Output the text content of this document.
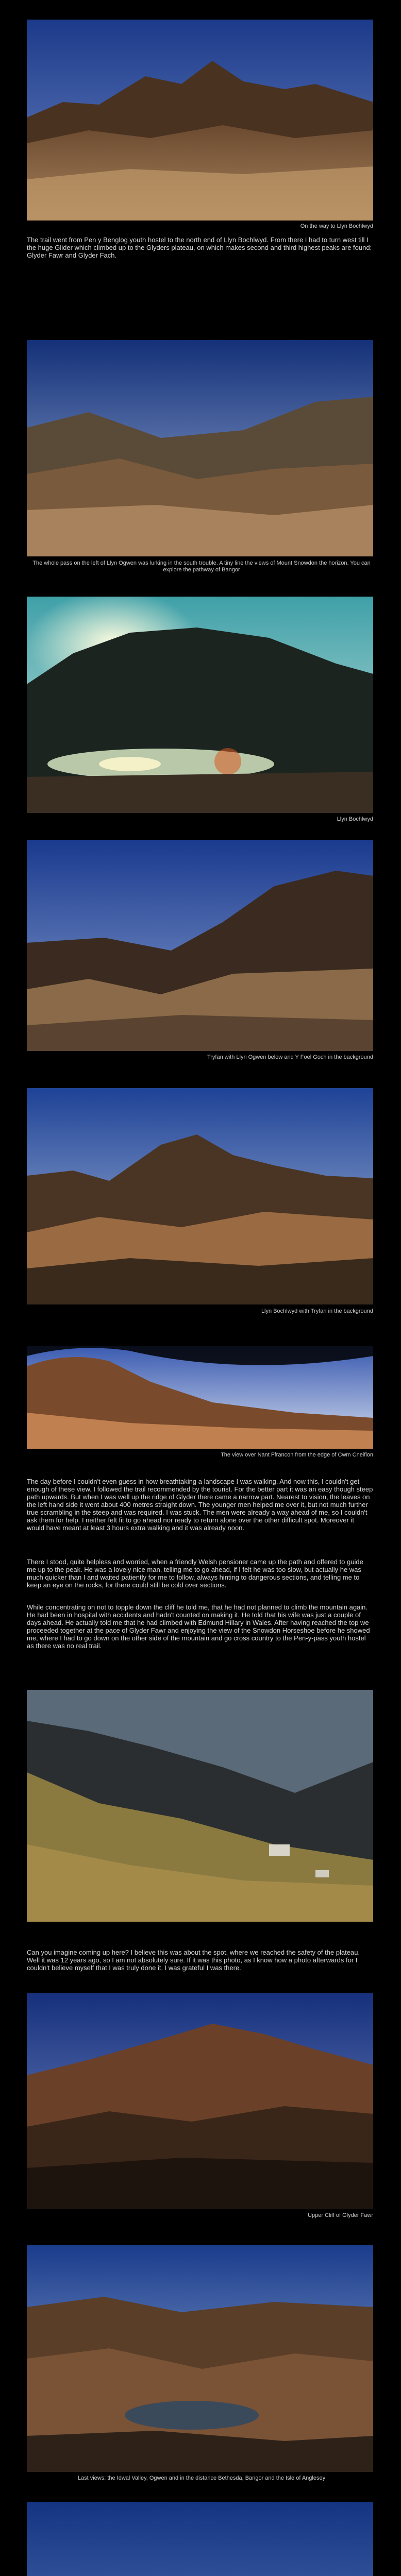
On the way to Llyn Bochlwyd
The trail went from Pen y Benglog youth hostel to the north end of Llyn Bochlwyd. From there I had to turn west till I the huge Glider which climbed up to the Glyders plateau, on which makes second and third highest peaks are found: Glyder Fawr and Glyder Fach.
The whole pass on the left of Llyn Ogwen was lurking in the south trouble. A tiny line the views of Mount Snowdon the horizon. You can explore the pathway of Bangor
Llyn Bochlwyd
Tryfan with Llyn Ogwen below and Y Foel Goch in the background
Llyn Bochlwyd with Tryfan in the background
The view over Nant Ffrancon from the edge of Cwm Cneifion
The day before I couldn't even guess in how breathtaking a landscape I was walking. And now this, I couldn't get enough of these view. I followed the trail recommended by the tourist. For the better part it was an easy though steep path upwards. But when I was well up the ridge of Glyder there came a narrow part. Nearest to vision, the leaves on the left hand side it went about 400 metres straight down. The younger men helped me over it, but not much further true scrambling in the steep and was required. I was stuck. The men were already a way ahead of me, so I couldn't ask them for help. I neither felt fit to go ahead nor ready to return alone over the other difficult spot. Moreover it would have meant at least 3 hours extra walking and it was already noon.
There I stood, quite helpless and worried, when a friendly Welsh pensioner came up the path and offered to guide me up to the peak. He was a lovely nice man, telling me to go ahead, if I felt he was too slow, but actually he was much quicker than I and waited patiently for me to follow, always hinting to dangerous sections, and telling me to keep an eye on the rocks, for there could still be cold over sections.
While concentrating on not to topple down the cliff he told me, that he had not planned to climb the mountain again. He had been in hospital with accidents and hadn't counted on making it. He told that his wife was just a couple of days ahead. He actually told me that he had climbed with Edmund Hillary in Wales. After having reached the top we proceeded together at the pace of Glyder Fawr and enjoying the view of the Snowdon Horseshoe before he showed me, where I had to go down on the other side of the mountain and go cross country to the Pen-y-pass youth hostel as there was no real trail.
Can you imagine coming up here? I believe this was about the spot, where we reached the safety of the plateau. Well it was 12 years ago, so I am not absolutely sure. If it was this photo, as I know how a photo afterwards for I couldn't believe myself that I was truly done it. I was grateful I was there.
Upper Cliff of Glyder Fawr
Last views: the Idwal Valley, Ogwen and in the distance Bethesda, Bangor and the Isle of Anglesey
